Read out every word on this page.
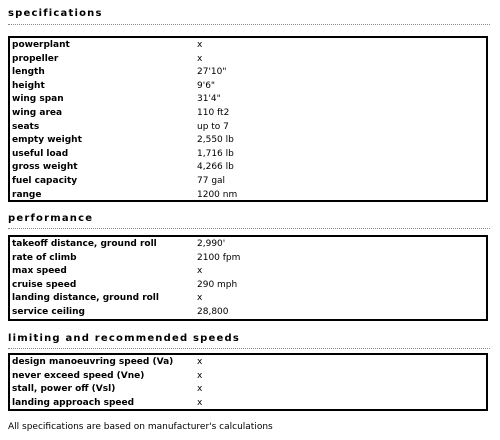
specifications
powerplant	x
propeller	x
length	27'10"
height	9'6"
wing span	31'4"
wing area	110 ft2
seats	up to 7
empty weight	2,550 lb
useful load	1,716 lb
gross weight	4,266 lb
fuel capacity	77 gal
range	1200 nm
performance
takeoff distance, ground roll	2,990'
rate of climb	2100 fpm
max speed	x
cruise speed	290 mph
landing distance, ground roll	x
service ceiling	28,800
limiting and recommended speeds
design manoeuvring speed (Va)	x
never exceed speed (Vne)	x
stall, power off (Vsl)	x
landing approach speed	x
All specifications are based on manufacturer's calculations
